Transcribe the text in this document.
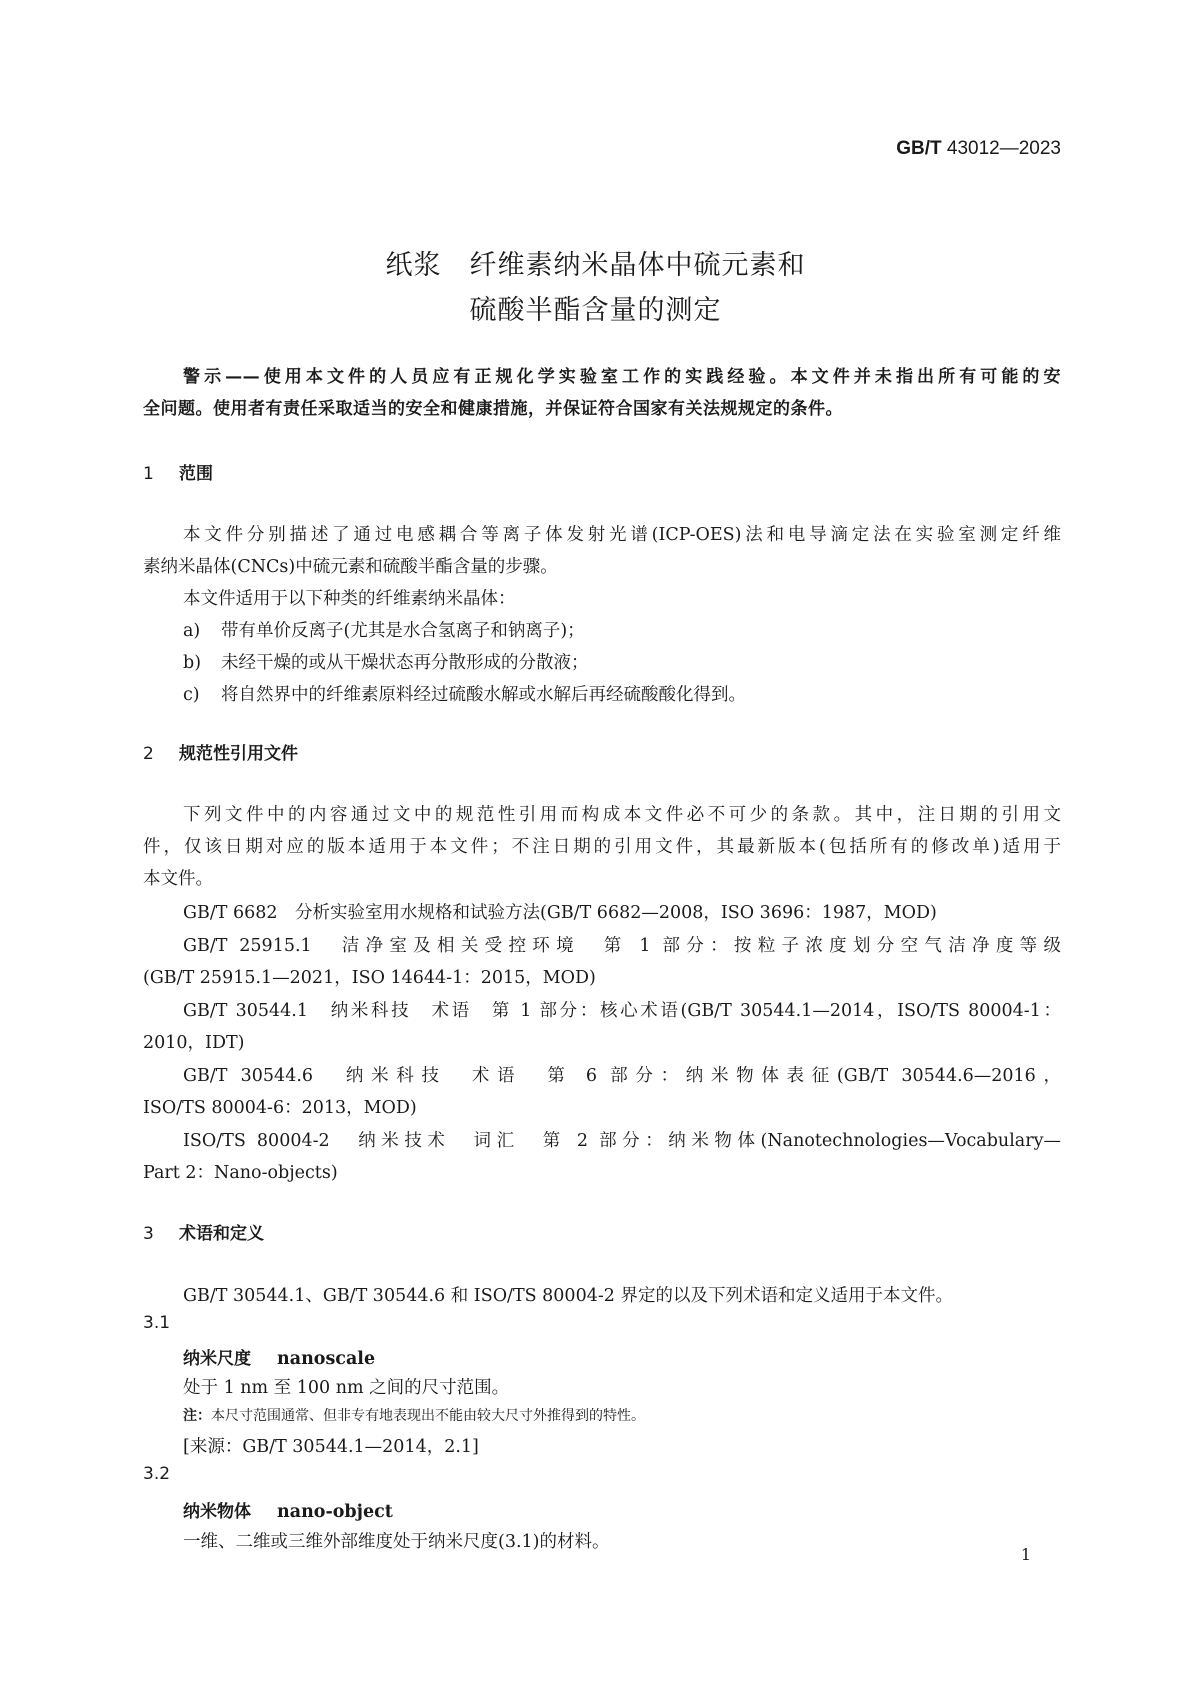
GB/T 43012—2023
纸浆　纤维素纳米晶体中硫元素和
硫酸半酯含量的测定
警示——使用本文件的人员应有正规化学实验室工作的实践经验。本文件并未指出所有可能的安
全问题。使用者有责任采取适当的安全和健康措施，并保证符合国家有关法规规定的条件。
1 范围
本文件分别描述了通过电感耦合等离子体发射光谱(ICP-OES)法和电导滴定法在实验室测定纤维
素纳米晶体(CNCs)中硫元素和硫酸半酯含量的步骤。
本文件适用于以下种类的纤维素纳米晶体：
a) 带有单价反离子(尤其是水合氢离子和钠离子)；
b) 未经干燥的或从干燥状态再分散形成的分散液；
c) 将自然界中的纤维素原料经过硫酸水解或水解后再经硫酸酸化得到。
2 规范性引用文件
下列文件中的内容通过文中的规范性引用而构成本文件必不可少的条款。其中，注日期的引用文
件，仅该日期对应的版本适用于本文件；不注日期的引用文件，其最新版本(包括所有的修改单)适用于
本文件。
GB/T 6682　分析实验室用水规格和试验方法(GB/T 6682—2008，ISO 3696：1987，MOD)
GB/T 25915.1　洁净室及相关受控环境　第 1 部分：按粒子浓度划分空气洁净度等级
(GB/T 25915.1—2021，ISO 14644-1：2015，MOD)
GB/T 30544.1　纳米科技　术语　第 1 部分：核心术语(GB/T 30544.1—2014，ISO/TS 80004-1：
2010，IDT)
GB/T 30544.6　纳米科技　术语　第 6 部分：纳米物体表征(GB/T 30544.6—2016，
ISO/TS 80004-6：2013，MOD)
ISO/TS 80004-2　纳米技术　词汇　第 2 部分：纳米物体(Nanotechnologies—Vocabulary—
Part 2：Nano-objects)
3 术语和定义
GB/T 30544.1、GB/T 30544.6 和 ISO/TS 80004-2 界定的以及下列术语和定义适用于本文件。
3.1
纳米尺度 nanoscale
处于 1 nm 至 100 nm 之间的尺寸范围。
注：本尺寸范围通常、但非专有地表现出不能由较大尺寸外推得到的特性。
[来源：GB/T 30544.1—2014，2.1]
3.2
纳米物体 nano-object
一维、二维或三维外部维度处于纳米尺度(3.1)的材料。
1
